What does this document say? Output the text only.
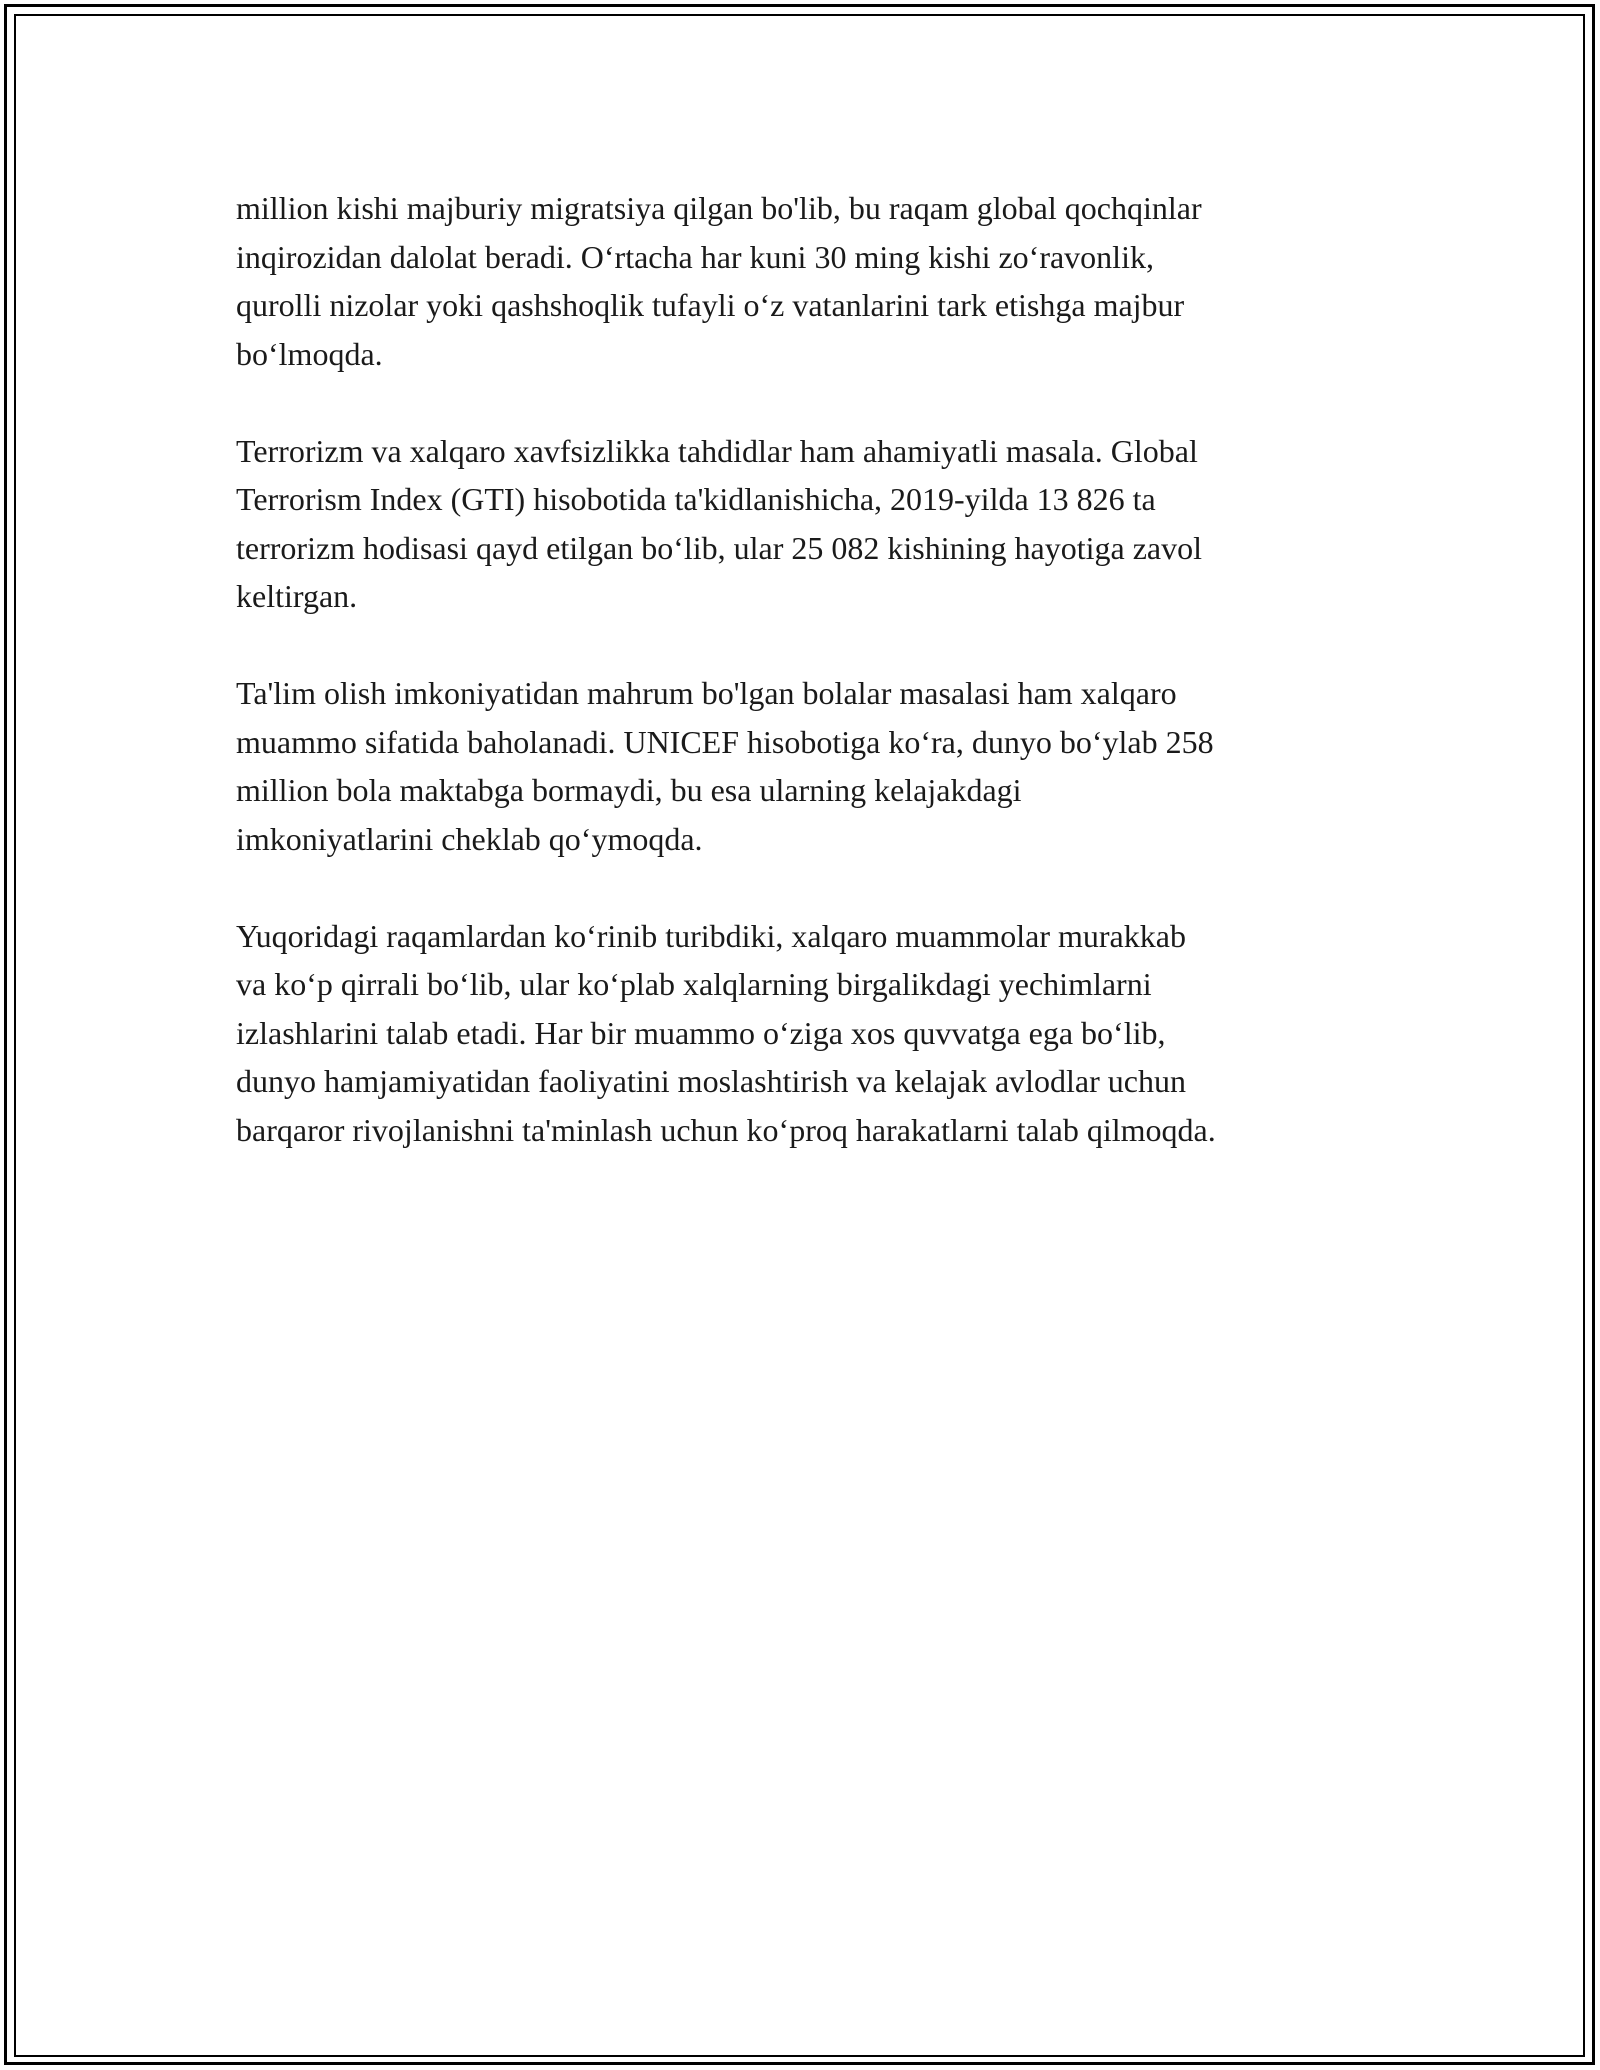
million kishi majburiy migratsiya qilgan bo'lib, bu raqam global qochqinlar
inqirozidan dalolat beradi. O‘rtacha har kuni 30 ming kishi zo‘ravonlik,
qurolli nizolar yoki qashshoqlik tufayli o‘z vatanlarini tark etishga majbur
bo‘lmoqda.

Terrorizm va xalqaro xavfsizlikka tahdidlar ham ahamiyatli masala. Global
Terrorism Index (GTI) hisobotida ta'kidlanishicha, 2019-yilda 13 826 ta
terrorizm hodisasi qayd etilgan bo‘lib, ular 25 082 kishining hayotiga zavol
keltirgan.

Ta'lim olish imkoniyatidan mahrum bo'lgan bolalar masalasi ham xalqaro
muammo sifatida baholanadi. UNICEF hisobotiga ko‘ra, dunyo bo‘ylab 258
million bola maktabga bormaydi, bu esa ularning kelajakdagi
imkoniyatlarini cheklab qo‘ymoqda.

Yuqoridagi raqamlardan ko‘rinib turibdiki, xalqaro muammolar murakkab
va ko‘p qirrali bo‘lib, ular ko‘plab xalqlarning birgalikdagi yechimlarni
izlashlarini talab etadi. Har bir muammo o‘ziga xos quvvatga ega bo‘lib,
dunyo hamjamiyatidan faoliyatini moslashtirish va kelajak avlodlar uchun
barqaror rivojlanishni ta'minlash uchun ko‘proq harakatlarni talab qilmoqda.
